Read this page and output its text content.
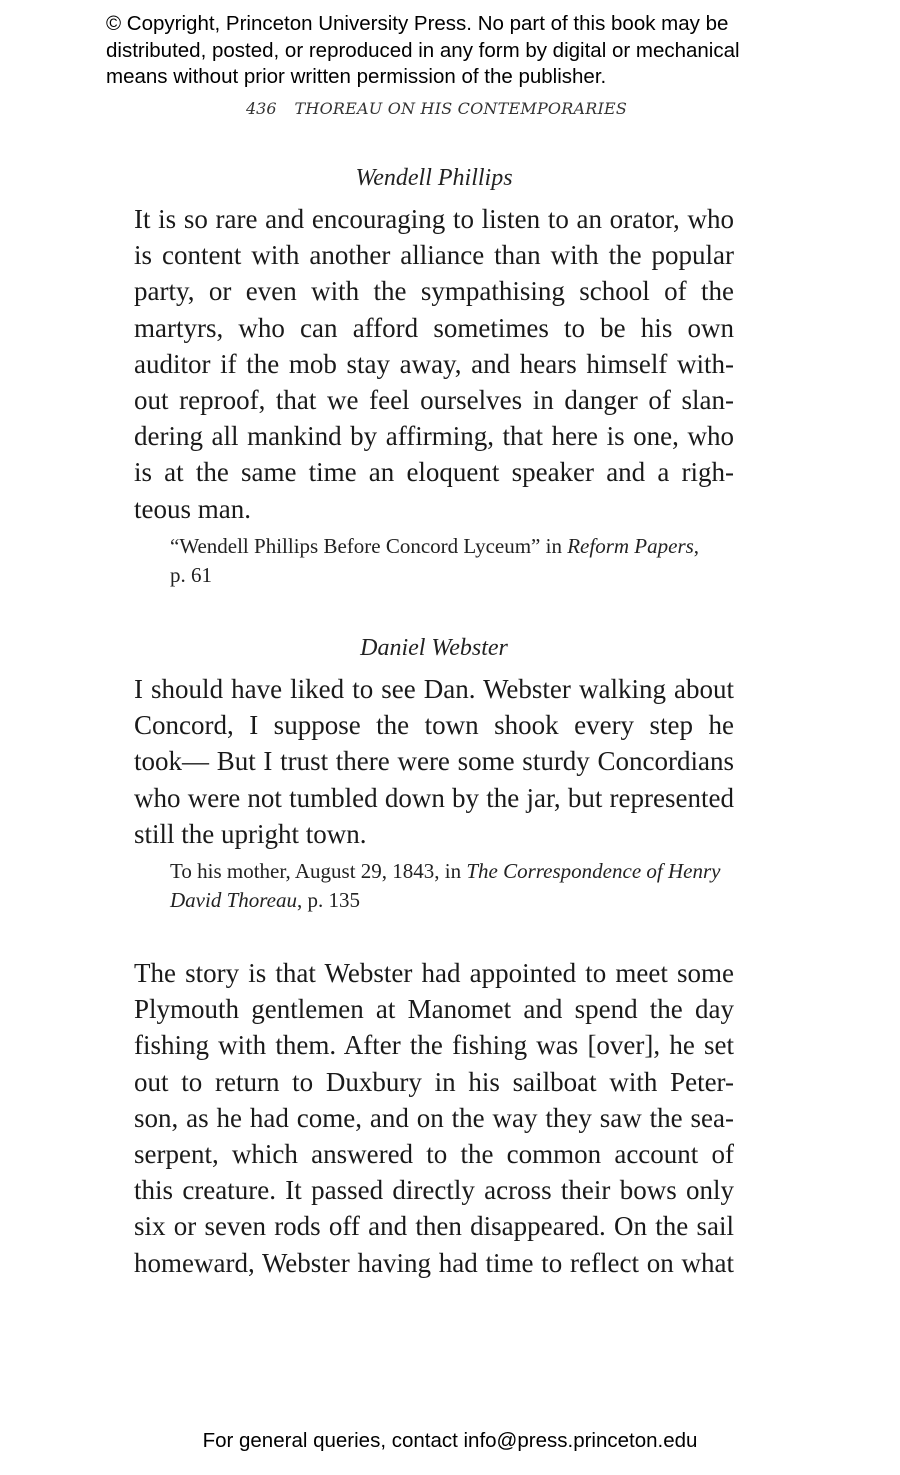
© Copyright, Princeton University Press. No part of this book may be
distributed, posted, or reproduced in any form by digital or mechanical
means without prior written permission of the publisher.
436 THOREAU ON HIS CONTEMPORARIES
Wendell Phillips
It is so rare and encouraging to listen to an orator, who
is content with another alliance than with the popular
party, or even with the sympathising school of the
martyrs, who can afford sometimes to be his own
auditor if the mob stay away, and hears himself with-
out reproof, that we feel ourselves in danger of slan-
dering all mankind by affirming, that here is one, who
is at the same time an eloquent speaker and a righ-
teous man.
“Wendell Phillips Before Concord Lyceum” in Reform Papers,
p. 61
Daniel Webster
I should have liked to see Dan. Webster walking about
Concord, I suppose the town shook every step he
took— But I trust there were some sturdy Concordians
who were not tumbled down by the jar, but represented
still the upright town.
To his mother, August 29, 1843, in The Correspondence of Henry
David Thoreau, p. 135
The story is that Webster had appointed to meet some
Plymouth gentlemen at Manomet and spend the day
fishing with them. After the fishing was [over], he set
out to return to Duxbury in his sailboat with Peter-
son, as he had come, and on the way they saw the sea-
serpent, which answered to the common account of
this creature. It passed directly across their bows only
six or seven rods off and then disappeared. On the sail
homeward, Webster having had time to reflect on what
For general queries, contact info@press.princeton.edu
